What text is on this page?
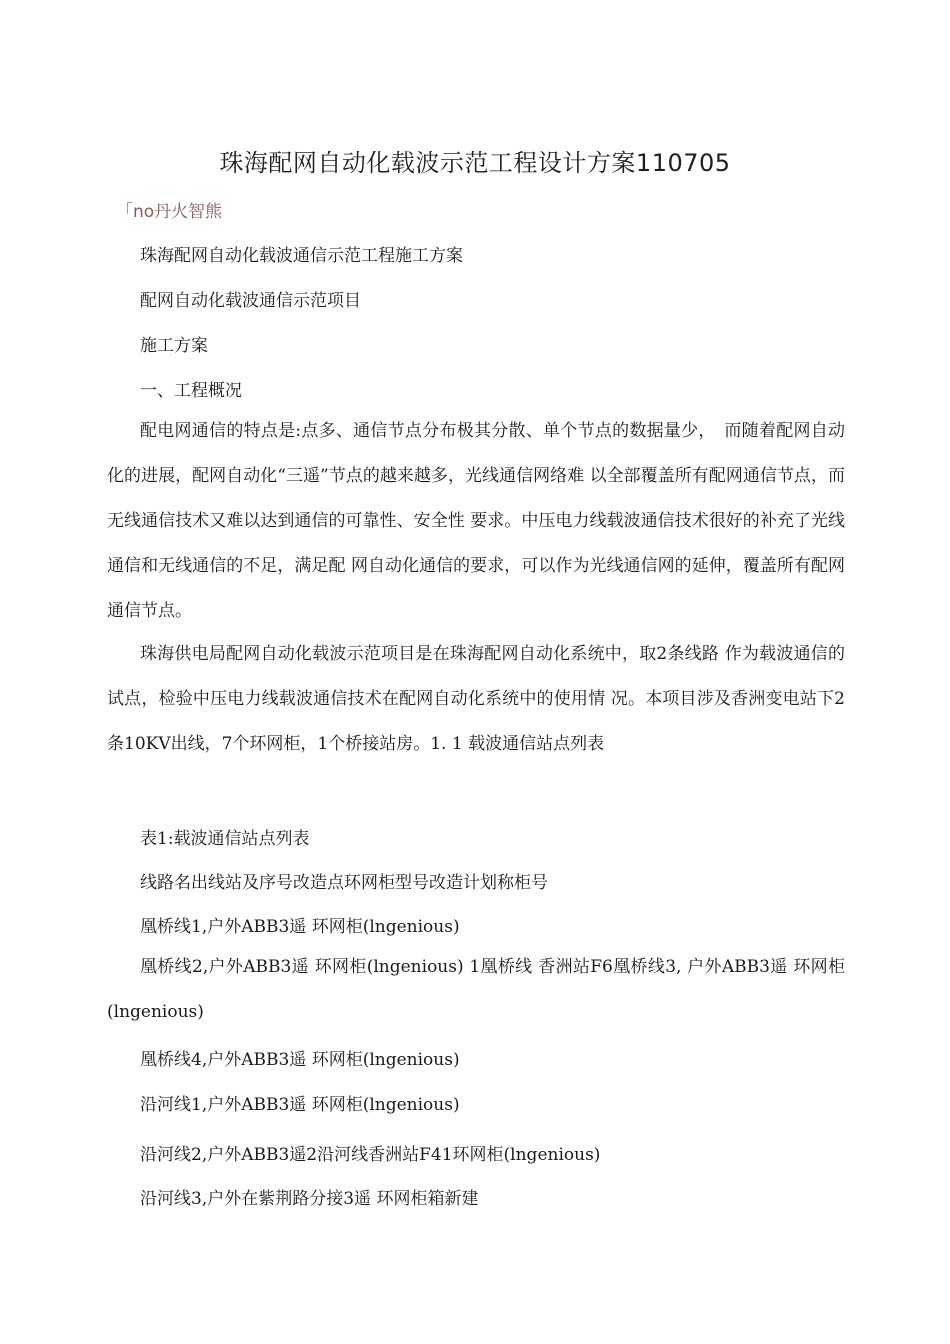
珠海配网自动化载波示范工程设计方案110705
「no丹火智熊
珠海配网自动化载波通信示范工程施工方案
配网自动化载波通信示范项目
施工方案
一、工程概况
配电网通信的特点是:点多、通信节点分布极其分散、单个节点的数据量少，　而随着配网自动化的进展，配网自动化“三遥”节点的越来越多，光线通信网络难 以全部覆盖所有配网通信节点，而无线通信技术又难以达到通信的可靠性、安全性 要求。中压电力线载波通信技术很好的补充了光线通信和无线通信的不足，满足配 网自动化通信的要求，可以作为光线通信网的延伸，覆盖所有配网通信节点。
珠海供电局配网自动化载波示范项目是在珠海配网自动化系统中，取2条线路 作为载波通信的试点，检验中压电力线载波通信技术在配网自动化系统中的使用情 况。本项目涉及香洲变电站下2条10KV出线，7个环网柜，1个桥接站房。1. 1 载波通信站点列表
表1:载波通信站点列表
线路名出线站及序号改造点环网柜型号改造计划称柜号
凰桥线1,户外ABB3遥 环网柜(lngenious)
凰桥线2,户外ABB3遥 环网柜(lngenious) 1凰桥线 香洲站F6凰桥线3, 户外ABB3遥 环网柜(lngenious)
凰桥线4,户外ABB3遥 环网柜(lngenious)
沿河线1,户外ABB3遥 环网柜(lngenious)
沿河线2,户外ABB3遥2沿河线香洲站F41环网柜(lngenious)
沿河线3,户外在紫荆路分接3遥 环网柜箱新建
